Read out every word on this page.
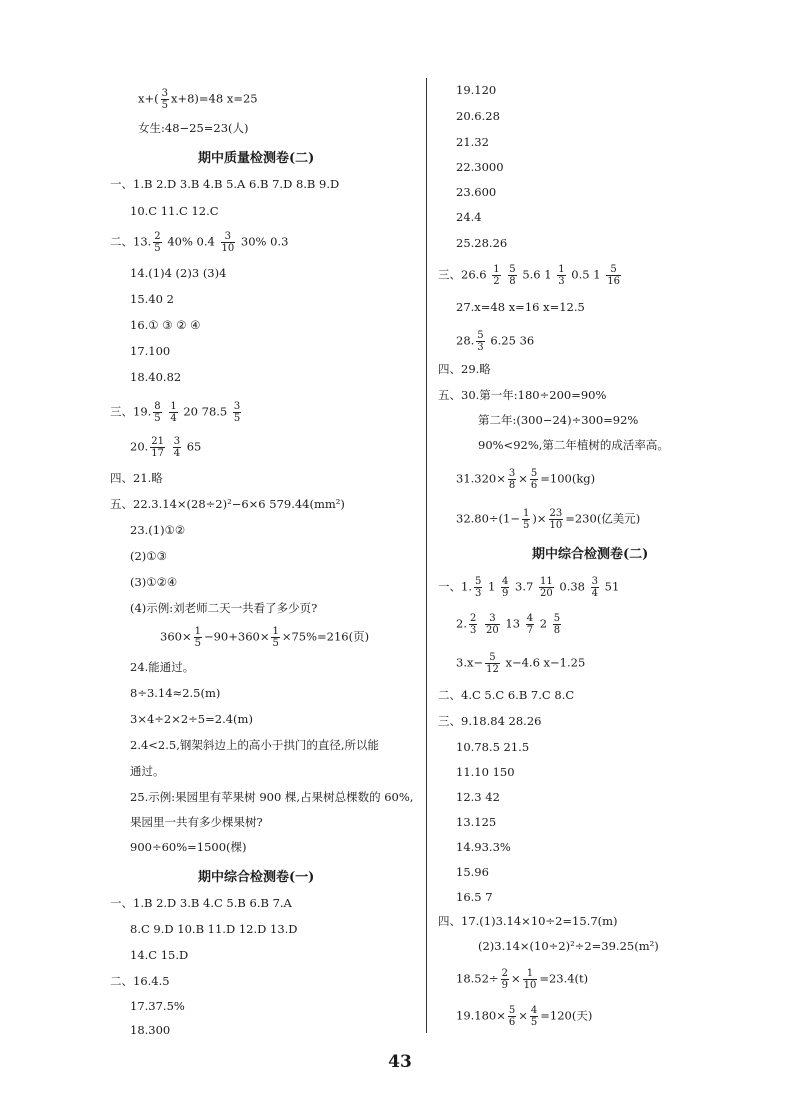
$x+( \frac{3}{5} x+8)=48$ x=25
女生:48−25=23(人)
期中质量检测卷(二)
一、1.B 2.D 3.B 4.B 5.A 6.B 7.D 8.B 9.D
10.C 11.C 12.C
二、13. $\frac{2}{5} 40\%$ $0.4 \frac{3}{10} 30\%$ 0.3
14.(1)4 (2)3 (3)4
15.40 2
16.① ③ ② ④
17.100
18.40.82
三、19. $\frac{8}{5}$
$\frac{1}{4} 20$ $78.5 \frac{3}{5}$
20. $\frac{21}{17}$
$\frac{3}{4} 65$
四、21.略
五、22.3.14×(28÷2)²−6×6 579.44(mm²)
23.(1)①②
(2)①③
(3)①②④
(4)示例:刘老师二天一共看了多少页?
$360\times \frac{1}{5} -90+360\times \frac{1}{5} \times 75\%=216$(页)
24.能通过。
8÷3.14≈2.5(m)
3×4÷2×2÷5=2.4(m)
2.4<2.5,钢架斜边上的高小于拱门的直径,所以能
通过。
25.示例:果园里有苹果树 900 棵,占果树总棵数的 60%,
果园里一共有多少棵果树?
900÷60%=1500(棵)
期中综合检测卷(一)
一、1.B 2.D 3.B 4.C 5.B 6.B 7.A
8.C 9.D 10.B 11.D 12.D 13.D
14.C 15.D
二、16.4.5
17.37.5%
18.300
19.120
20.6.28
21.32
22.3000
23.600
24.4
25.28.26
三、$26.6 \frac{1}{2}$
$\frac{5}{8} 5.6$ $1 \frac{1}{3} 0.5$ $1 \frac{5}{16}$
27.x=48 x=16 x=12.5
28. $\frac{5}{3} 6.25$ 36
四、29.略
五、30.第一年:180÷200=90%
第二年:(300−24)÷300=92%
90%<92%,第二年植树的成活率高。
$31.320\times \frac{3}{8} \times \frac{5}{6} =100(kg)$
$32.80\div(1- \frac{1}{5}$ )× $\frac{23}{10} =230$(亿美元)
期中综合检测卷(二)
一、1. $\frac{5}{3} 1 \frac{4}{9} 3.7 \frac{11}{20} 0.38 \frac{3}{4} 51$
2. $\frac{2}{3}$
$\frac{3}{20} 13 \frac{4}{7} 2 \frac{5}{8}$
$3.x- \frac{5}{12} x-4.6$ x−1.25
二、4.C 5.C 6.B 7.C 8.C
三、9.18.84 28.26
10.78.5 21.5
11.10 150
12.3 42
13.125
14.93.3%
15.96
16.5 7
四、17.(1)3.14×10÷2=15.7(m)
(2)3.14×(10÷2)²÷2=39.25(m²)
$18.52\div \frac{2}{9} \times \frac{1}{10} =23.4(t)$
$19.180\times \frac{5}{6} \times \frac{4}{5} =120$(天)
43
